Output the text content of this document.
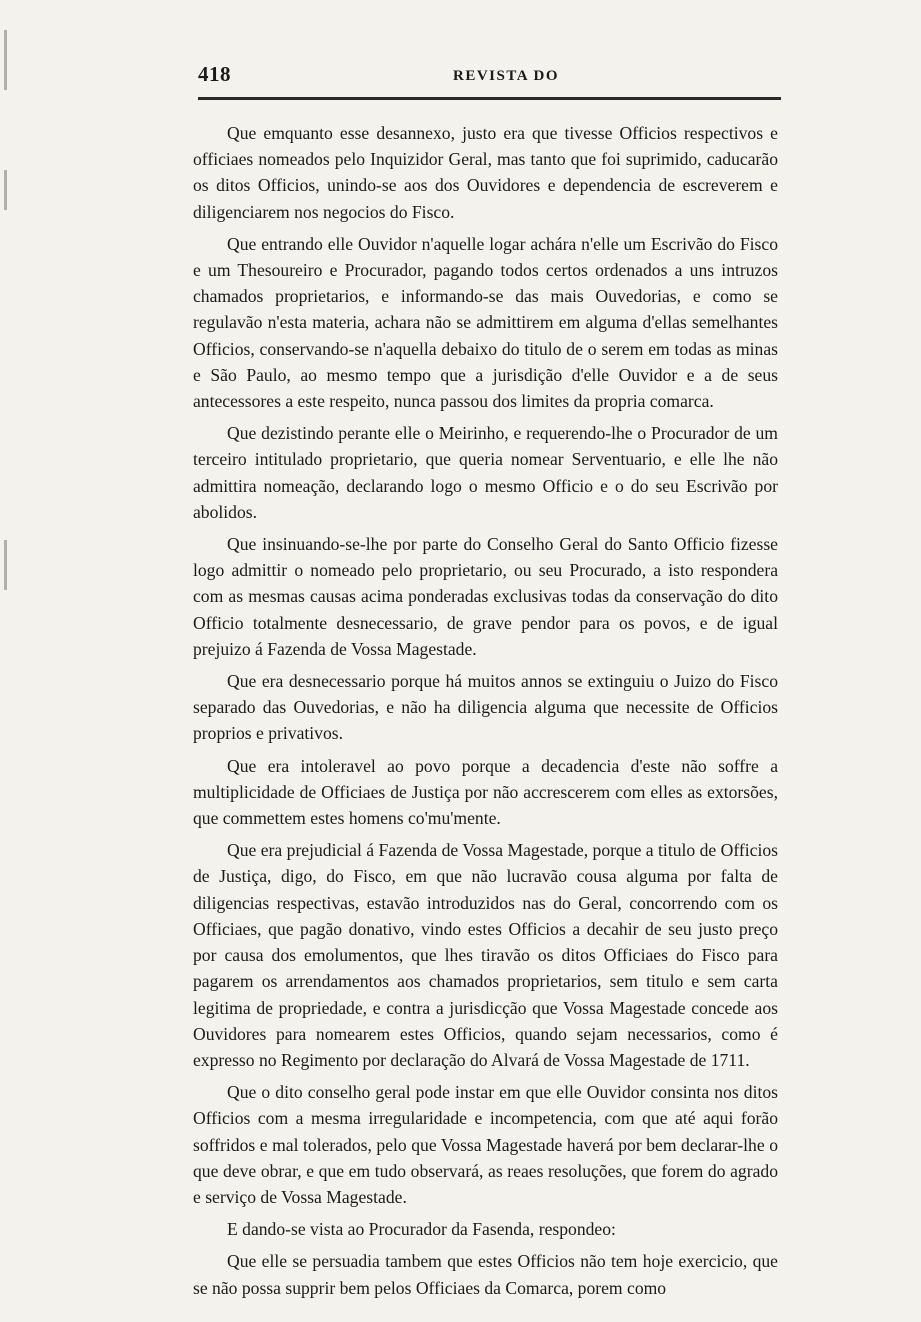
418	REVISTA DO

Que emquanto esse desannexo, justo era que tivesse Officios respectivos e officiaes nomeados pelo Inquizidor Geral, mas tanto que foi suprimido, caducarão os ditos Officios, unindo-se aos dos Ouvidores e dependencia de escreverem e diligenciarem nos negocios do Fisco.

Que entrando elle Ouvidor n'aquelle logar achára n'elle um Escrivão do Fisco e um Thesoureiro e Procurador, pagando todos certos ordenados a uns intruzos chamados proprietarios, e informando-se das mais Ouvedorias, e como se regulavão n'esta materia, achara não se admittirem em alguma d'ellas semelhantes Officios, conservando-se n'aquella debaixo do titulo de o serem em todas as minas e São Paulo, ao mesmo tempo que a jurisdição d'elle Ouvidor e a de seus antecessores a este respeito, nunca passou dos limites da propria comarca.

Que dezistindo perante elle o Meirinho, e requerendo-lhe o Procurador de um terceiro intitulado proprietario, que queria nomear Serventuario, e elle lhe não admittira nomeação, declarando logo o mesmo Officio e o do seu Escrivão por abolidos.

Que insinuando-se-lhe por parte do Conselho Geral do Santo Officio fizesse logo admittir o nomeado pelo proprietario, ou seu Procurado, a isto respondera com as mesmas causas acima ponderadas exclusivas todas da conservação do dito Officio totalmente desnecessario, de grave pendor para os povos, e de igual prejuizo á Fazenda de Vossa Magestade.

Que era desnecessario porque há muitos annos se extinguiu o Juizo do Fisco separado das Ouvedorias, e não ha diligencia alguma que necessite de Officios proprios e privativos.

Que era intoleravel ao povo porque a decadencia d'este não soffre a multiplicidade de Officiaes de Justiça por não accrescerem com elles as extorsões, que commettem estes homens co'mu'mente.

Que era prejudicial á Fazenda de Vossa Magestade, porque a titulo de Officios de Justiça, digo, do Fisco, em que não lucravão cousa alguma por falta de diligencias respectivas, estavão introduzidos nas do Geral, concorrendo com os Officiaes, que pagão donativo, vindo estes Officios a decahir de seu justo preço por causa dos emolumentos, que lhes tiravão os ditos Officiaes do Fisco para pagarem os arrendamentos aos chamados proprietarios, sem titulo e sem carta legitima de propriedade, e contra a jurisdicção que Vossa Magestade concede aos Ouvidores para nomearem estes Officios, quando sejam necessarios, como é expresso no Regimento por declaração do Alvará de Vossa Magestade de 1711.

Que o dito conselho geral pode instar em que elle Ouvidor consinta nos ditos Officios com a mesma irregularidade e incompetencia, com que até aqui forão soffridos e mal tolerados, pelo que Vossa Magestade haverá por bem declarar-lhe o que deve obrar, e que em tudo observará, as reaes resoluções, que forem do agrado e serviço de Vossa Magestade.

E dando-se vista ao Procurador da Fasenda, respondeo:

Que elle se persuadia tambem que estes Officios não tem hoje exercicio, que se não possa supprir bem pelos Officiaes da Comarca, porem como
